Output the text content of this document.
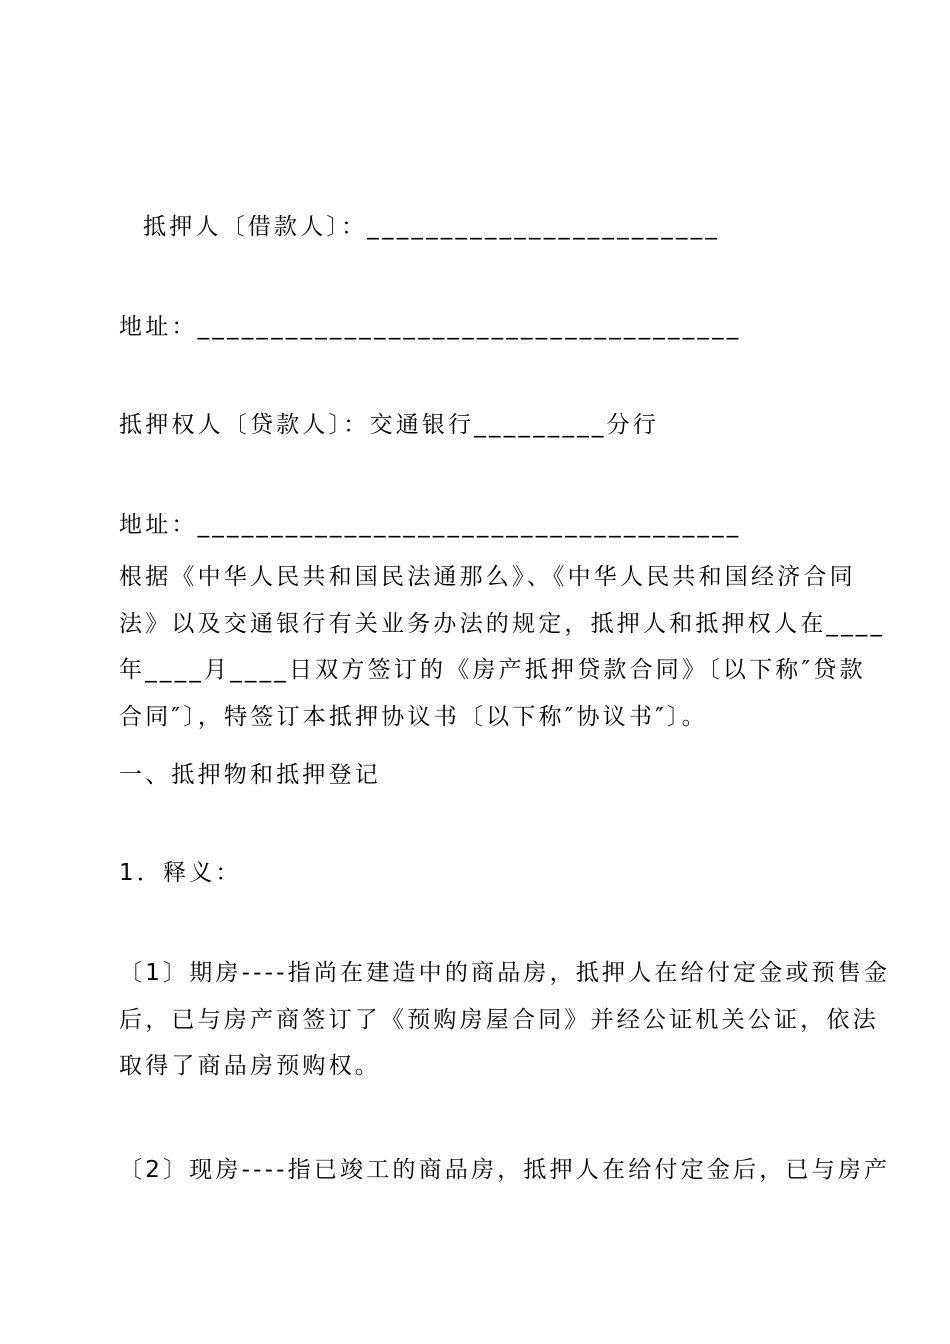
抵押人〔借款人〕：________________________
地址：_____________________________________
抵押权人〔贷款人〕：交通银行_________分行
地址：_____________________________________
根据《中华人民共和国民法通那么》、《中华人民共和国经济合同
法》以及交通银行有关业务办法的规定，抵押人和抵押权人在____
年____月____日双方签订的《房产抵押贷款合同》〔以下称″贷款
合同″〕，特签订本抵押协议书〔以下称″协议书″〕。
一、抵押物和抵押登记
1．释义：
〔1〕期房----指尚在建造中的商品房，抵押人在给付定金或预售金
后，已与房产商签订了《预购房屋合同》并经公证机关公证，依法
取得了商品房预购权。
〔2〕现房----指已竣工的商品房，抵押人在给付定金后，已与房产
